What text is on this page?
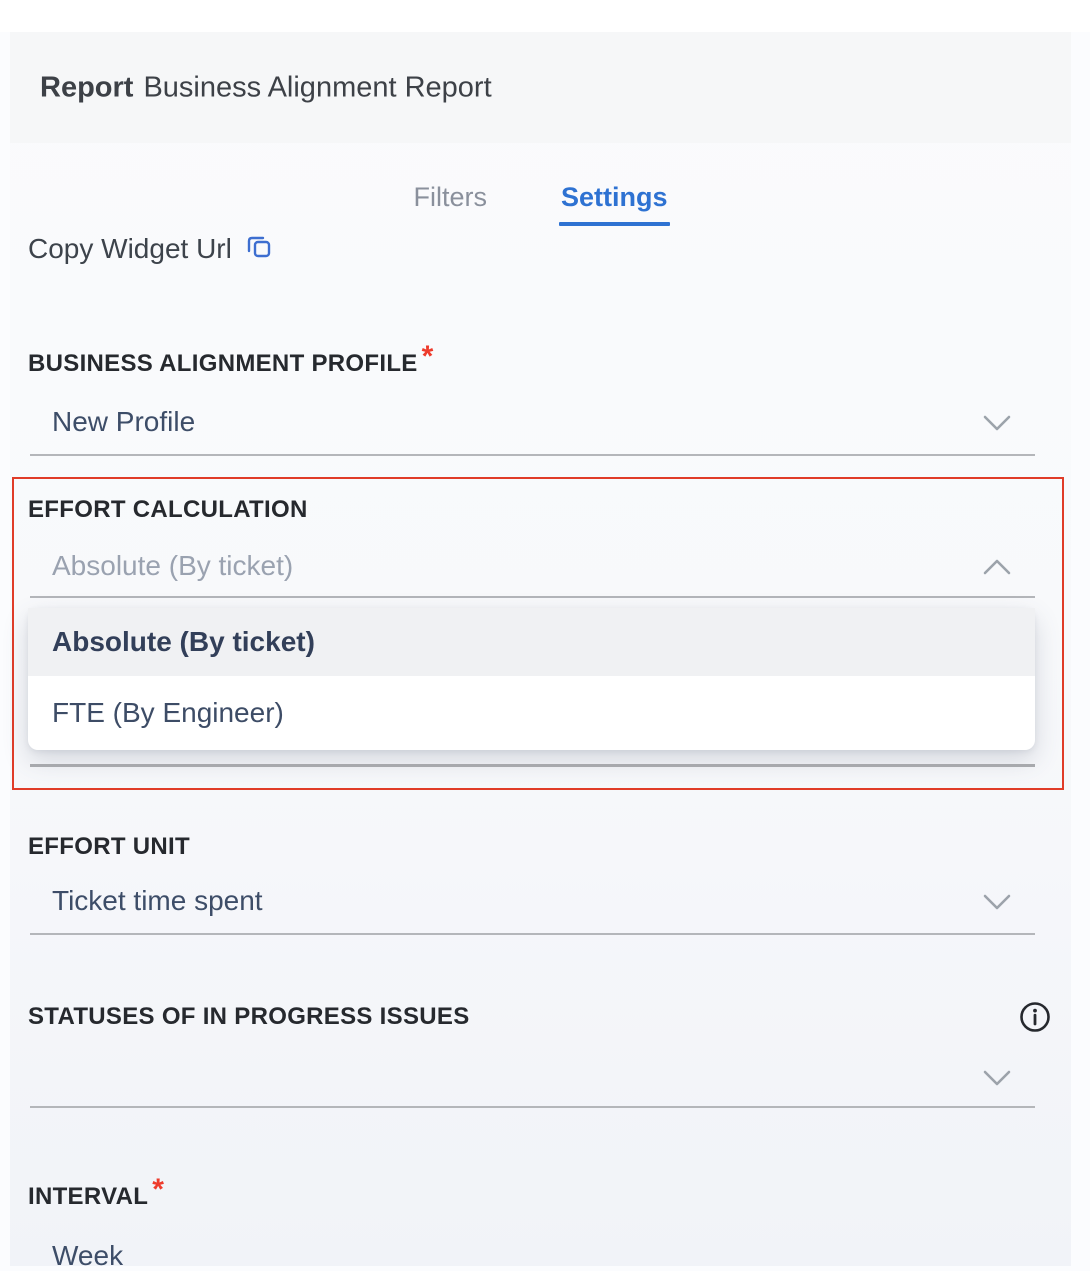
Report Business Alignment Report
Filters	Settings
Copy Widget Url
BUSINESS ALIGNMENT PROFILE *
New Profile
EFFORT CALCULATION
Absolute (By ticket)
Absolute (By ticket)
FTE (By Engineer)
EFFORT UNIT
Ticket time spent
STATUSES OF IN PROGRESS ISSUES
INTERVAL *
Week
